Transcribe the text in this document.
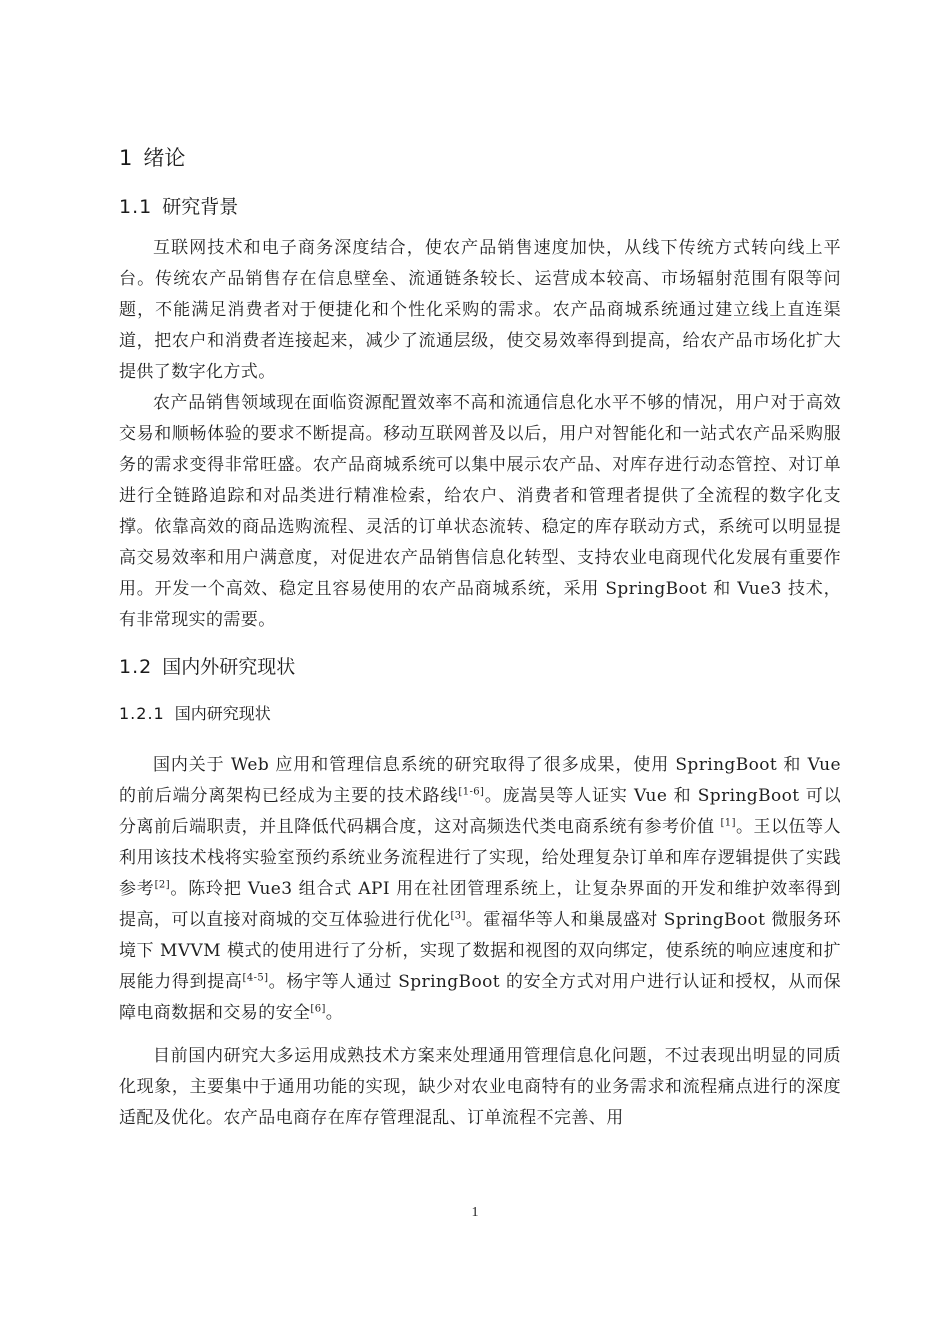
1 绪论
1.1 研究背景

互联网技术和电子商务深度结合，使农产品销售速度加快，从线下传统方式转向线上平台。传统农产品销售存在信息壁垒、流通链条较长、运营成本较高、市场辐射范围有限等问题，不能满足消费者对于便捷化和个性化采购的需求。农产品商城系统通过建立线上直连渠道，把农户和消费者连接起来，减少了流通层级，使交易效率得到提高，给农产品市场化扩大提供了数字化方式。

农产品销售领域现在面临资源配置效率不高和流通信息化水平不够的情况，用户对于高效交易和顺畅体验的要求不断提高。移动互联网普及以后，用户对智能化和一站式农产品采购服务的需求变得非常旺盛。农产品商城系统可以集中展示农产品、对库存进行动态管控、对订单进行全链路追踪和对品类进行精准检索，给农户、消费者和管理者提供了全流程的数字化支撑。依靠高效的商品选购流程、灵活的订单状态流转、稳定的库存联动方式，系统可以明显提高交易效率和用户满意度，对促进农产品销售信息化转型、支持农业电商现代化发展有重要作用。开发一个高效、稳定且容易使用的农产品商城系统，采用 SpringBoot 和 Vue3 技术，有非常现实的需要。

1.2 国内外研究现状
1.2.1 国内研究现状

国内关于 Web 应用和管理信息系统的研究取得了很多成果，使用 SpringBoot 和 Vue 的前后端分离架构已经成为主要的技术路线[1-6]。庞嵩昊等人证实 Vue 和 SpringBoot 可以分离前后端职责，并且降低代码耦合度，这对高频迭代类电商系统有参考价值 [1]。王以伍等人利用该技术栈将实验室预约系统业务流程进行了实现，给处理复杂订单和库存逻辑提供了实践参考[2]。陈玲把 Vue3 组合式 API 用在社团管理系统上，让复杂界面的开发和维护效率得到提高，可以直接对商城的交互体验进行优化[3]。霍福华等人和巢晟盛对 SpringBoot 微服务环境下 MVVM 模式的使用进行了分析，实现了数据和视图的双向绑定，使系统的响应速度和扩展能力得到提高[4-5]。杨宇等人通过 SpringBoot 的安全方式对用户进行认证和授权，从而保障电商数据和交易的安全[6]。

目前国内研究大多运用成熟技术方案来处理通用管理信息化问题，不过表现出明显的同质化现象，主要集中于通用功能的实现，缺少对农业电商特有的业务需求和流程痛点进行的深度适配及优化。农产品电商存在库存管理混乱、订单流程不完善、用

1
